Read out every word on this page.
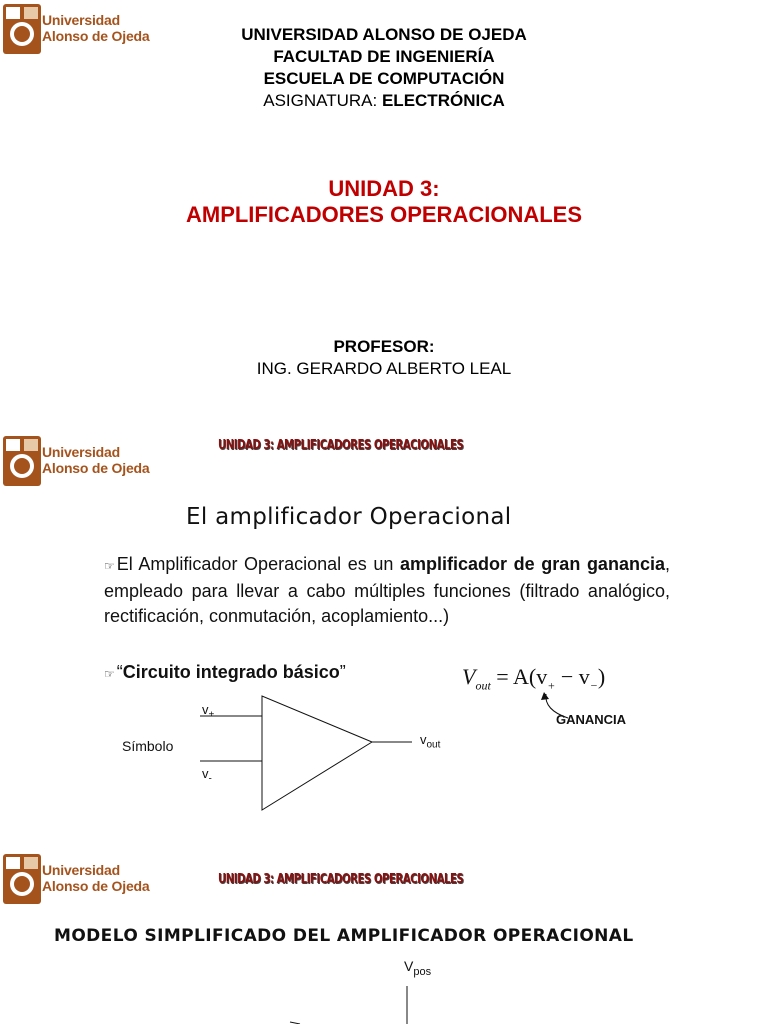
Universidad
Alonso de Ojeda	UNIVERSIDAD ALONSO DE OJEDA
FACULTAD DE INGENIERÍA
ESCUELA DE COMPUTACIÓN
ASIGNATURA: ELECTRÓNICA
UNIDAD 3:
AMPLIFICADORES OPERACIONALES
PROFESOR:
ING. GERARDO ALBERTO LEAL
Universidad
Alonso de Ojeda
UNIDAD 3: AMPLIFICADORES OPERACIONALES
El amplificador Operacional
☞ El Amplificador Operacional es un amplificador de gran ganancia, empleado para llevar a cabo múltiples funciones (filtrado analógico, rectificación, conmutación, acoplamiento...)
☞ “Circuito integrado básico”	$V_{out} = A(v_+ - v_-)$
GANANCIA
Símbolo
$v_+$
$v_-$
$v_{out}$
Universidad
Alonso de Ojeda	UNIDAD 3: AMPLIFICADORES OPERACIONALES
MODELO SIMPLIFICADO DEL AMPLIFICADOR OPERACIONAL
$V_{pos}$
